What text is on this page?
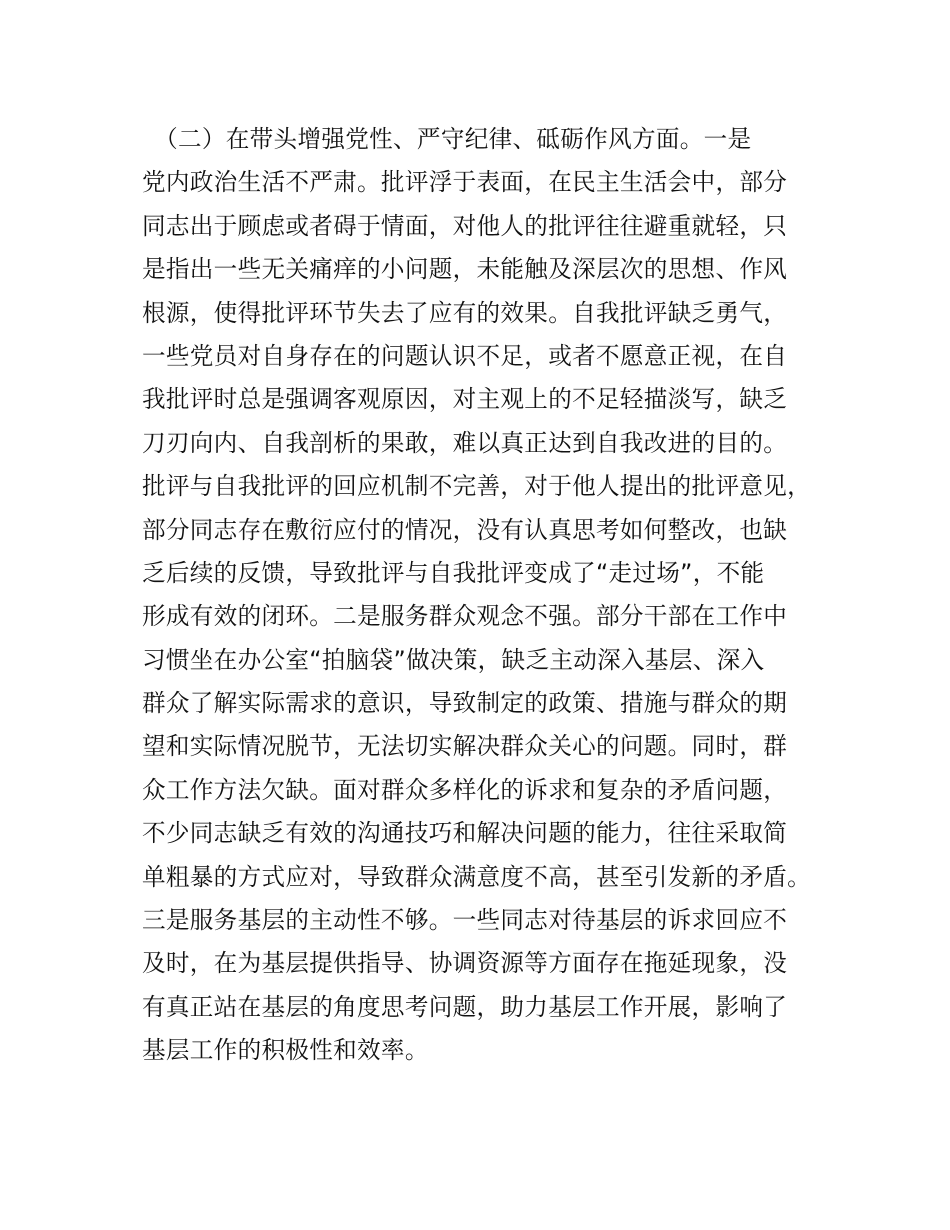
　（二）在带头增强党性、严守纪律、砥砺作风方面。一是
党内政治生活不严肃。批评浮于表面，在民主生活会中，部分
同志出于顾虑或者碍于情面，对他人的批评往往避重就轻，只
是指出一些无关痛痒的小问题，未能触及深层次的思想、作风
根源，使得批评环节失去了应有的效果。自我批评缺乏勇气，
一些党员对自身存在的问题认识不足，或者不愿意正视，在自
我批评时总是强调客观原因，对主观上的不足轻描淡写，缺乏
刀刃向内、自我剖析的果敢，难以真正达到自我改进的目的。
批评与自我批评的回应机制不完善，对于他人提出的批评意见，
部分同志存在敷衍应付的情况，没有认真思考如何整改，也缺
乏后续的反馈，导致批评与自我批评变成了“走过场”，不能
形成有效的闭环。二是服务群众观念不强。部分干部在工作中
习惯坐在办公室“拍脑袋”做决策，缺乏主动深入基层、深入
群众了解实际需求的意识，导致制定的政策、措施与群众的期
望和实际情况脱节，无法切实解决群众关心的问题。同时，群
众工作方法欠缺。面对群众多样化的诉求和复杂的矛盾问题，
不少同志缺乏有效的沟通技巧和解决问题的能力，往往采取简
单粗暴的方式应对，导致群众满意度不高，甚至引发新的矛盾。
三是服务基层的主动性不够。一些同志对待基层的诉求回应不
及时，在为基层提供指导、协调资源等方面存在拖延现象，没
有真正站在基层的角度思考问题，助力基层工作开展，影响了
基层工作的积极性和效率。
